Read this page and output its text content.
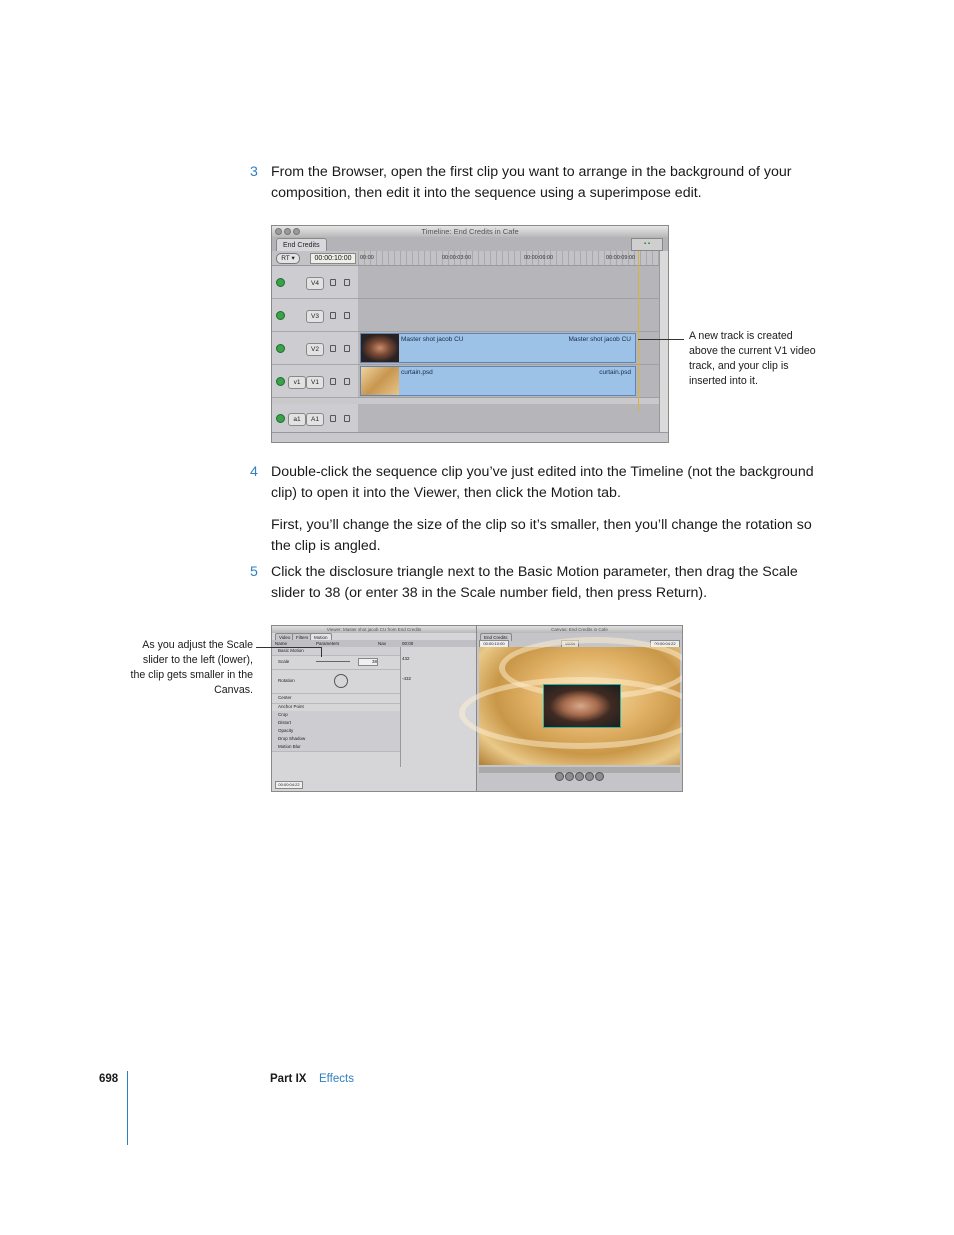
3 From the Browser, open the first clip you want to arrange in the background of your composition, then edit it into the sequence using a superimpose edit.
Timeline: End Credits in Cafe
End Credits	▪ ▪
RT ▾	00:00:10:00	00:00	00:00:03:00	00:00:06:00	00:00:09:00
V4
V3
V2
Master shot jacob CU	Master shot jacob CU
v1	V1
curtain.psd	curtain.psd
a1	A1
A new track is created above the current V1 video track, and your clip is inserted into it.
4 Double-click the sequence clip you’ve just edited into the Timeline (not the background clip) to open it into the Viewer, then click the Motion tab.
First, you’ll change the size of the clip so it’s smaller, then you’ll change the rotation so the clip is angled.
5 Click the disclosure triangle next to the Basic Motion parameter, then drag the Scale slider to 38 (or enter 38 in the Scale number field, then press Return).
Viewer: Master shot jacob CU from End Credits
Video	Filters	Motion
Name	Parameters	Nav	00:00
Basic Motion
Scale	38
Rotation
Center
Anchor Point
Crop
Distort
Opacity
Drop Shadow
Motion Blur
432
-432
00:00:04:22
Canvas: End Credits in Cafe
End Credits
00:00:10:00	100%	00:00:04:22
As you adjust the Scale slider to the left (lower), the clip gets smaller in the Canvas.
698	Part IX Effects
